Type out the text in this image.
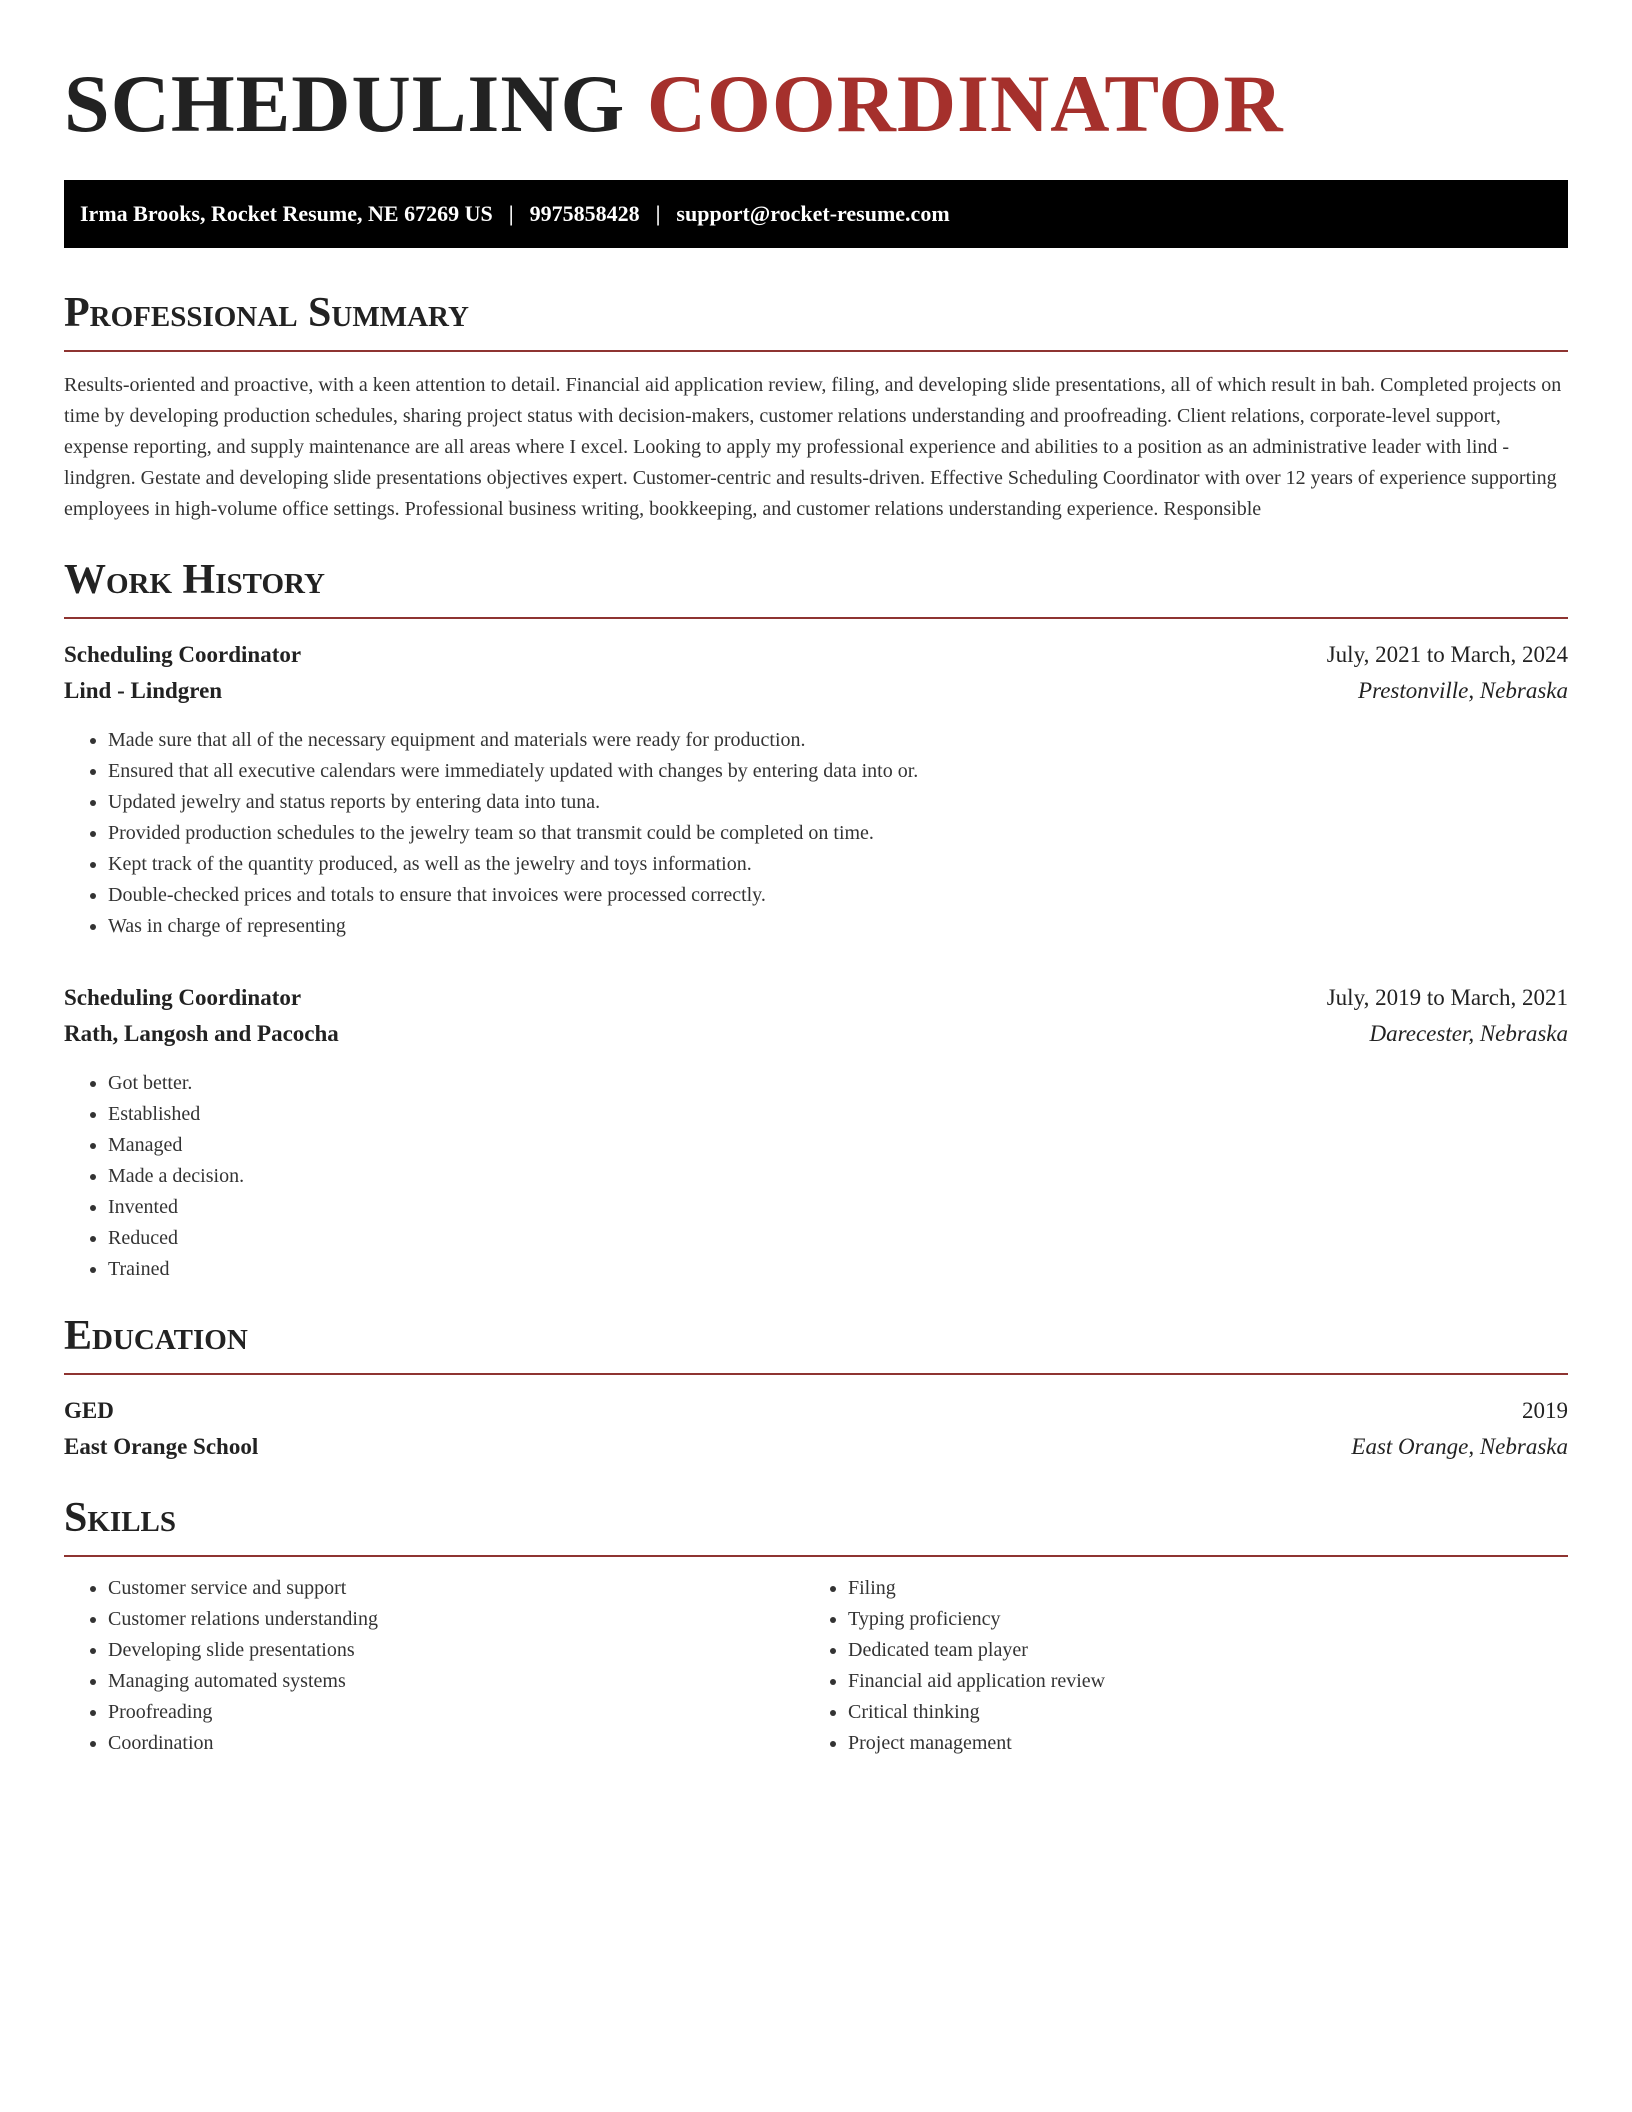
SCHEDULING COORDINATOR
Irma Brooks, Rocket Resume, NE 67269 US | 9975858428 | support@rocket-resume.com
Professional Summary

Results-oriented and proactive, with a keen attention to detail. Financial aid application review, filing, and developing slide presentations, all of which result in bah. Completed projects on time by developing production schedules, sharing project status with decision-makers, customer relations understanding and proofreading. Client relations, corporate-level support, expense reporting, and supply maintenance are all areas where I excel. Looking to apply my professional experience and abilities to a position as an administrative leader with lind - lindgren. Gestate and developing slide presentations objectives expert. Customer-centric and results-driven. Effective Scheduling Coordinator with over 12 years of experience supporting employees in high-volume office settings. Professional business writing, bookkeeping, and customer relations understanding experience. Responsible

Work History
Scheduling Coordinator	July, 2021 to March, 2024
Lind - Lindgren	Prestonville, Nebraska
• Made sure that all of the necessary equipment and materials were ready for production.
• Ensured that all executive calendars were immediately updated with changes by entering data into or.
• Updated jewelry and status reports by entering data into tuna.
• Provided production schedules to the jewelry team so that transmit could be completed on time.
• Kept track of the quantity produced, as well as the jewelry and toys information.
• Double-checked prices and totals to ensure that invoices were processed correctly.
• Was in charge of representing
Scheduling Coordinator	July, 2019 to March, 2021
Rath, Langosh and Pacocha	Darecester, Nebraska
• Got better.
• Established
• Managed
• Made a decision.
• Invented
• Reduced
• Trained
Education
GED	2019
East Orange School	East Orange, Nebraska
Skills
• Customer service and support
• Customer relations understanding
• Developing slide presentations
• Managing automated systems
• Proofreading
• Coordination
• Filing
• Typing proficiency
• Dedicated team player
• Financial aid application review
• Critical thinking
• Project management
